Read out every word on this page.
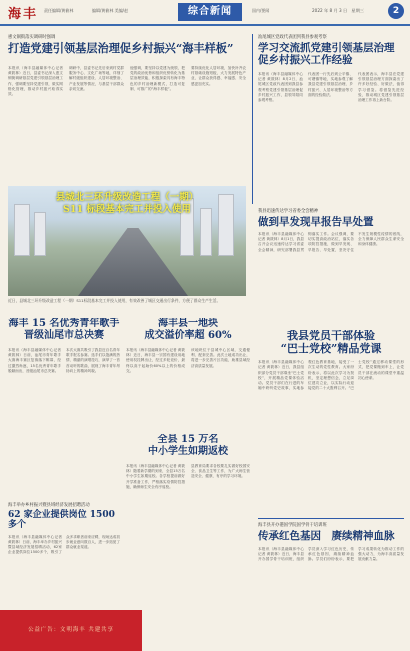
海丰 责任编辑/黄筱林	编辑/黄筱林 美编/赵	综合新闻	国内/要闻	2022 年 8 月 3 日　星期三	2
惠文铜街落实调研时强调
打造党建引领基层治理促乡村振兴“海丰样板”
本报讯（海丰县融媒体中心记者 黄筱林）近日，县委书记深入惠文铜街调研基层党建引领基层治理工作，强调要坚持党建引领，做实网格化管理，推动乡村振兴取得实效。
调研中，县委书记先后来到村党群服务中心、文化广场等地，详细了解村级组织建设、人居环境整治、产业发展等情况，与基层干部群众亲切交流。
他强调，要坚持以党建为统领，把党的政治优势和组织优势转化为基层治理效能，积极探索具有海丰特色的乡村治理新模式，打造可复制、可推广的“海丰样板”。
要持续优化人居环境，加快补齐农村基础设施短板，大力发展特色产业，让群众获得感、幸福感、安全感更加充实。
汕尾城区党政代表团到我县参观考察
学习交流抓党建引领基层治理促乡村振兴工作经验
本报讯（海丰县融媒体中心记者 黄筱林）8月2日，汕尾城区党政代表团到我县参观考察党建引领基层治理促乡村振兴工作，县领导陪同参观考察。
代表团一行先后到公平镇、可塘镇等地，实地参观了解我县党建引领基层治理、乡村振兴、人居环境整治等方面的经验做法。
代表团表示，海丰县在党建引领基层治理方面探索出了许多好经验、好做法，值得学习借鉴。将借鉴先进经验，推动城区党建引领基层治理工作再上新台阶。
县城北三环升级改造工程（一期）
S11 标段基本完工并投入使用
近日，县城北三环升级改造工程（一期）S11标段基本完工并投入使用，有效改善了城区交通出行条件，方便了群众生产生活。
我县迅速传达学习省委全会精神
做到早发现早报告早处置
本报讯（海丰县融媒体中心记者 黄筱林）8月1日，我县召开会议迅速传达学习省委全会精神，研究部署我县贯彻落实工作。会议强调，要切实提高政治站位，落实各项防控措施，做到早发现、早报告、早处置，坚决守住不发生规模性疫情的底线，全力保障人民群众生命安全和身体健康。
我县党员干部体验
“巴士党校”精品党课
本报讯（海丰县融媒体中心记者 黄筱林）近日，我县组织部分党员干部乘坐“巴士党校”，开展精品党课体验活动。党员干部们在行进的车厢中聆听党史故事，实地参观红色教育基地，接受了一次生动的党性教育。大家纷纷表示，将以此次学习为契机，坚定理想信念，立足岗位建功立业，以实际行动迎接党的二十大胜利召开。“巴士党校”通过移动课堂的形式，把党课搬到车上，让党员干部在流动的课堂中重温初心使命。
海丰 15 名优秀青年歌手
晋级汕尾市总决赛
本报讯（海丰县融媒体中心记者 黄筱林）日前，汕尾市青年歌手大赛海丰赛区复赛落下帷幕，经过激烈角逐，15名优秀青年歌手脱颖而出，晋级汕尾市总决赛。
本次大赛共吸引了我县近百名青年歌手报名参赛。选手们以饱满的热情、精湛的演唱技巧，演绎了一首首动听的歌曲，展现了海丰青年昂扬向上的精神风貌。
海丰县一地块
成交溢价率超 60%
本报讯（海丰县融媒体中心记者 黄筱林）近日，海丰县一宗国有建设用地使用权挂牌出让，经过多轮竞价，最终以高于起始价60%以上的价格成交。
该地块位于县城中心区域，交通便利、配套完善。此次土地成功出让，将进一步完善片区功能，助推县域经济高质量发展。
全县 15 万名
中小学生如期返校
本报讯（海丰县融媒体中心记者 黄筱林）随着新学期的到来，全县15万名中小学生如期返校。各学校提前做好开学准备工作，严格落实疫情防控措施，确保师生安全有序返校。
县教育局要求各校要扎实做好校园安全、食品卫生等工作，为广大师生营造安全、健康、有序的学习环境。
海丰举办乡村振兴暨县域经济发展招聘活动
62 家企业提供岗位 1500 多个
本报讯（海丰县融媒体中心记者 黄筱林）日前，海丰举办乡村振兴暨县域经济发展招聘活动，62家企业提供岗位1500多个，吸引了众多求职者前来应聘，现场达成初步就业意向数百人，进一步拓宽了群众就业渠道。
海丰县开办港国学院国学骨干培训班
传承红色基因　赓续精神血脉
本报讯（海丰县融媒体中心记者 黄筱林）近日，海丰县开办国学骨干培训班，组织学员深入学习红色历史，传承红色基因，赓续精神血脉。学员们纷纷表示，要把学习成果转化为推动工作的强大动力，为海丰高质量发展贡献力量。
公益广告：文明海丰 共建共享
